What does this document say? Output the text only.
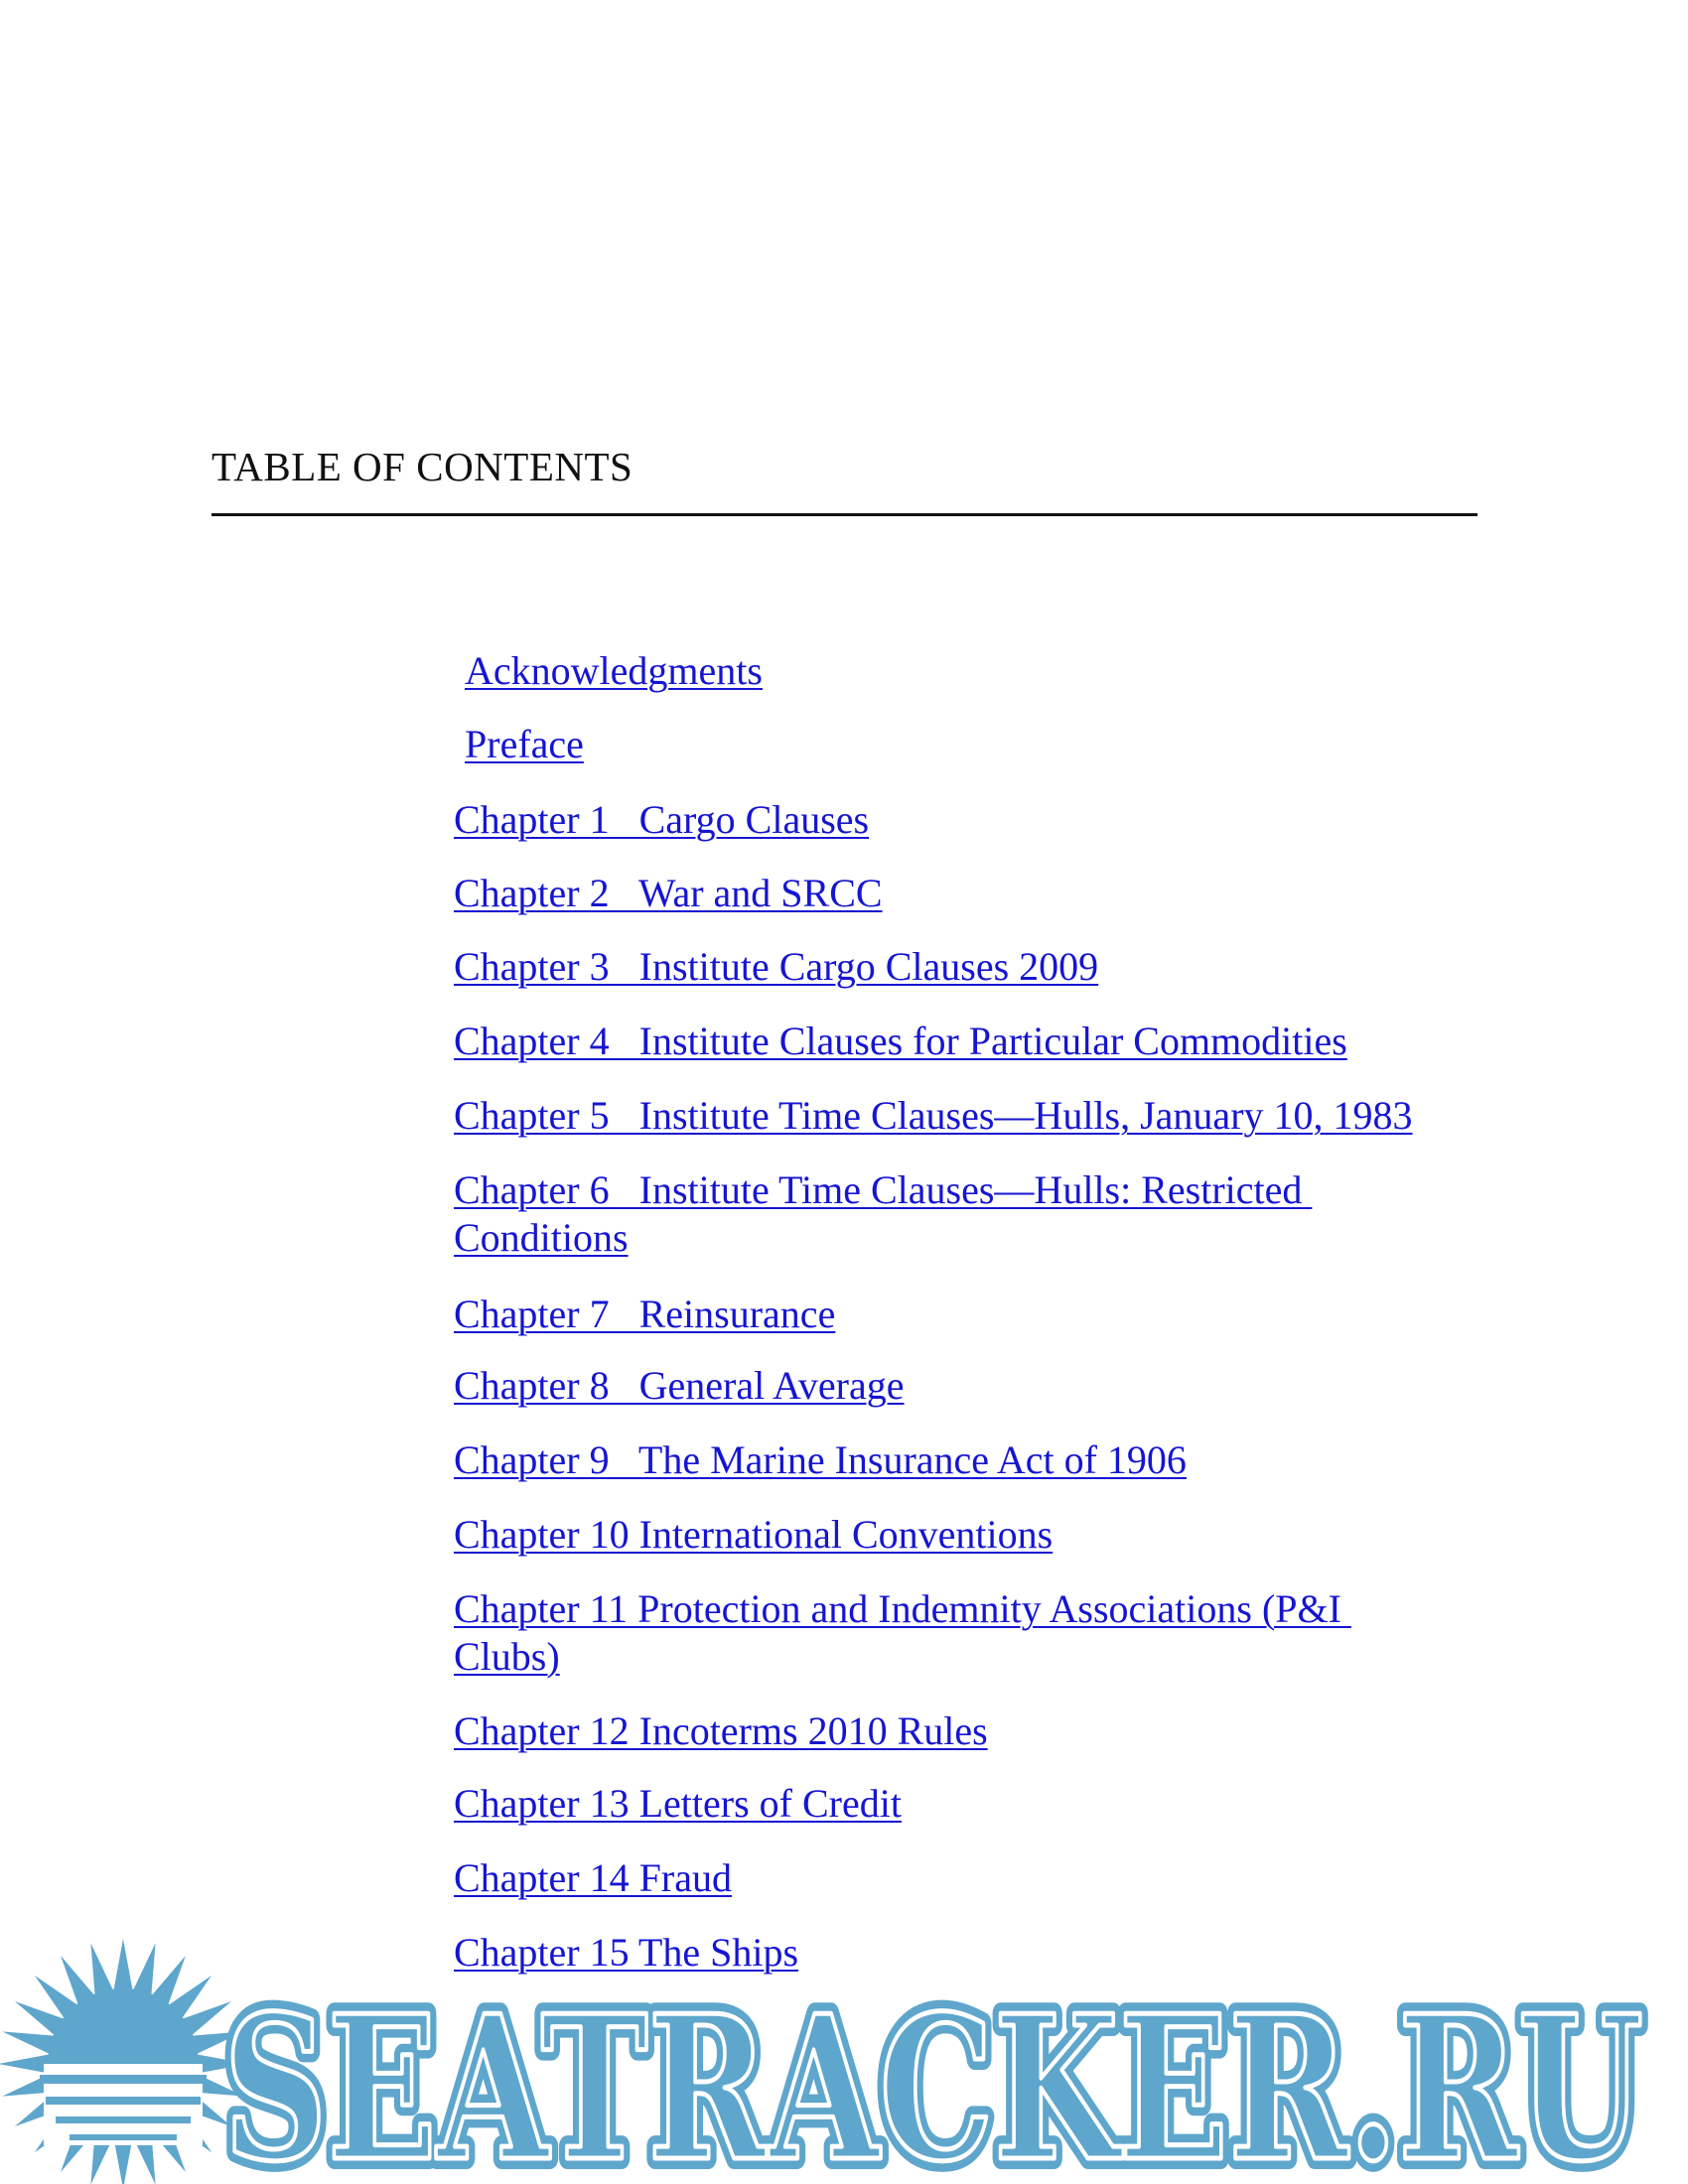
TABLE OF CONTENTS

Acknowledgments

Preface

Chapter 1   Cargo Clauses

Chapter 2   War and SRCC

Chapter 3   Institute Cargo Clauses 2009

Chapter 4   Institute Clauses for Particular Commodities

Chapter 5   Institute Time Clauses—Hulls, January 10, 1983

Chapter 6   Institute Time Clauses—Hulls: Restricted Conditions

Chapter 7   Reinsurance

Chapter 8   General Average

Chapter 9   The Marine Insurance Act of 1906

Chapter 10 International Conventions

Chapter 11 Protection and Indemnity Associations (P&I Clubs)

Chapter 12 Incoterms 2010 Rules

Chapter 13 Letters of Credit

Chapter 14 Fraud

Chapter 15 The Ships

SEATRACKER.RU
SEATRACKER.RU
